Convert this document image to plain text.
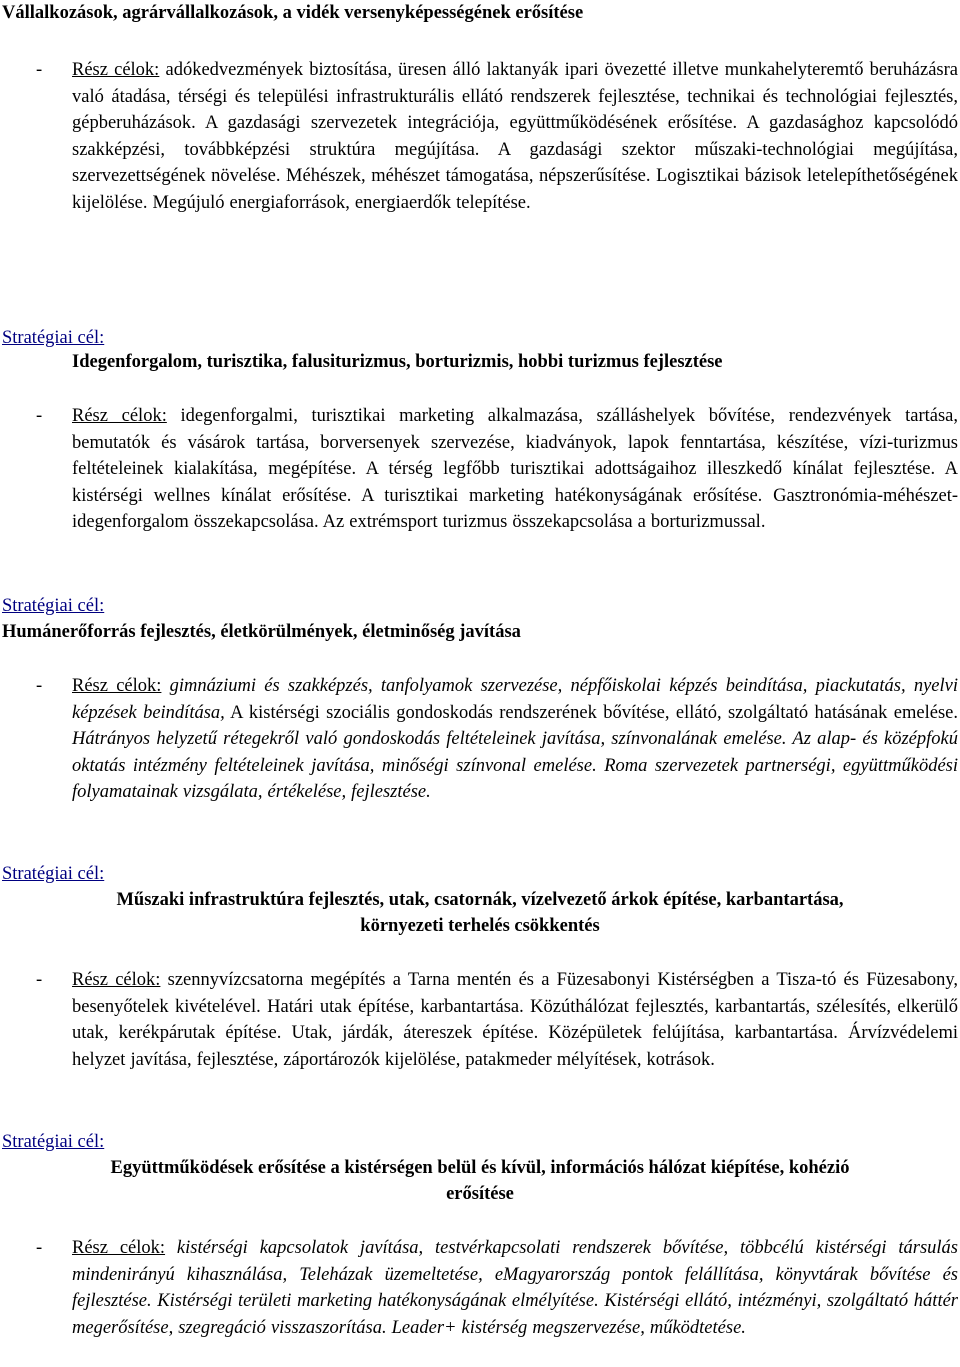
Vállalkozások, agrárvállalkozások, a vidék versenyképességének erősítése
- Rész célok: adókedvezmények biztosítása, üresen álló laktanyák ipari övezetté illetve munkahelyteremtő beruházásra való átadása, térségi és települési infrastrukturális ellátó rendszerek fejlesztése, technikai és technológiai fejlesztés, gépberuházások. A gazdasági szervezetek integrációja, együttműködésének erősítése. A gazdasághoz kapcsolódó szakképzési, továbbképzési struktúra megújítása. A gazdasági szektor műszaki-technológiai megújítása, szervezettségének növelése. Méhészek, méhészet támogatása, népszerűsítése. Logisztikai bázisok letelepíthetőségének kijelölése. Megújuló energiaforrások, energiaerdők telepítése.
Stratégiai cél:
Idegenforgalom, turisztika, falusiturizmus, borturizmis, hobbi turizmus fejlesztése
- Rész célok: idegenforgalmi, turisztikai marketing alkalmazása, szálláshelyek bővítése, rendezvények tartása, bemutatók és vásárok tartása, borversenyek szervezése, kiadványok, lapok fenntartása, készítése, vízi-turizmus feltételeinek kialakítása, megépítése. A térség legfőbb turisztikai adottságaihoz illeszkedő kínálat fejlesztése. A kistérségi wellnes kínálat erősítése. A turisztikai marketing hatékonyságának erősítése. Gasztronómia-méhészet-idegenforgalom összekapcsolása. Az extrémsport turizmus összekapcsolása a borturizmussal.
Stratégiai cél:
Humánerőforrás fejlesztés, életkörülmények, életminőség javítása
- Rész célok: gimnáziumi és szakképzés, tanfolyamok szervezése, népfőiskolai képzés beindítása, piackutatás, nyelvi képzések beindítása, A kistérségi szociális gondoskodás rendszerének bővítése, ellátó, szolgáltató hatásának emelése. Hátrányos helyzetű rétegekről való gondoskodás feltételeinek javítása, színvonalának emelése. Az alap- és középfokú oktatás intézmény feltételeinek javítása, minőségi színvonal emelése. Roma szervezetek partnerségi, együttműködési folyamatainak vizsgálata, értékelése, fejlesztése.
Stratégiai cél:
Műszaki infrastruktúra fejlesztés, utak, csatornák, vízelvezető árkok építése, karbantartása,
környezeti terhelés csökkentés
- Rész célok: szennyvízcsatorna megépítés a Tarna mentén és a Füzesabonyi Kistérségben a Tisza-tó és Füzesabony, besenyőtelek kivételével. Határi utak építése, karbantartása. Közúthálózat fejlesztés, karbantartás, szélesítés, elkerülő utak, kerékpárutak építése. Utak, járdák, átereszek építése. Középületek felújítása, karbantartása. Árvízvédelemi helyzet javítása, fejlesztése, záportározók kijelölése, patakmeder mélyítések, kotrások.
Stratégiai cél:
Együttműködések erősítése a kistérségen belül és kívül, információs hálózat kiépítése, kohézió
erősítése
- Rész célok: kistérségi kapcsolatok javítása, testvérkapcsolati rendszerek bővítése, többcélú kistérségi társulás mindenirányú kihasználása, Teleházak üzemeltetése, eMagyarország pontok felállítása, könyvtárak bővítése és fejlesztése. Kistérségi területi marketing hatékonyságának elmélyítése. Kistérségi ellátó, intézményi, szolgáltató háttér megerősítése, szegregáció visszaszorítása. Leader+ kistérség megszervezése, működtetése.
